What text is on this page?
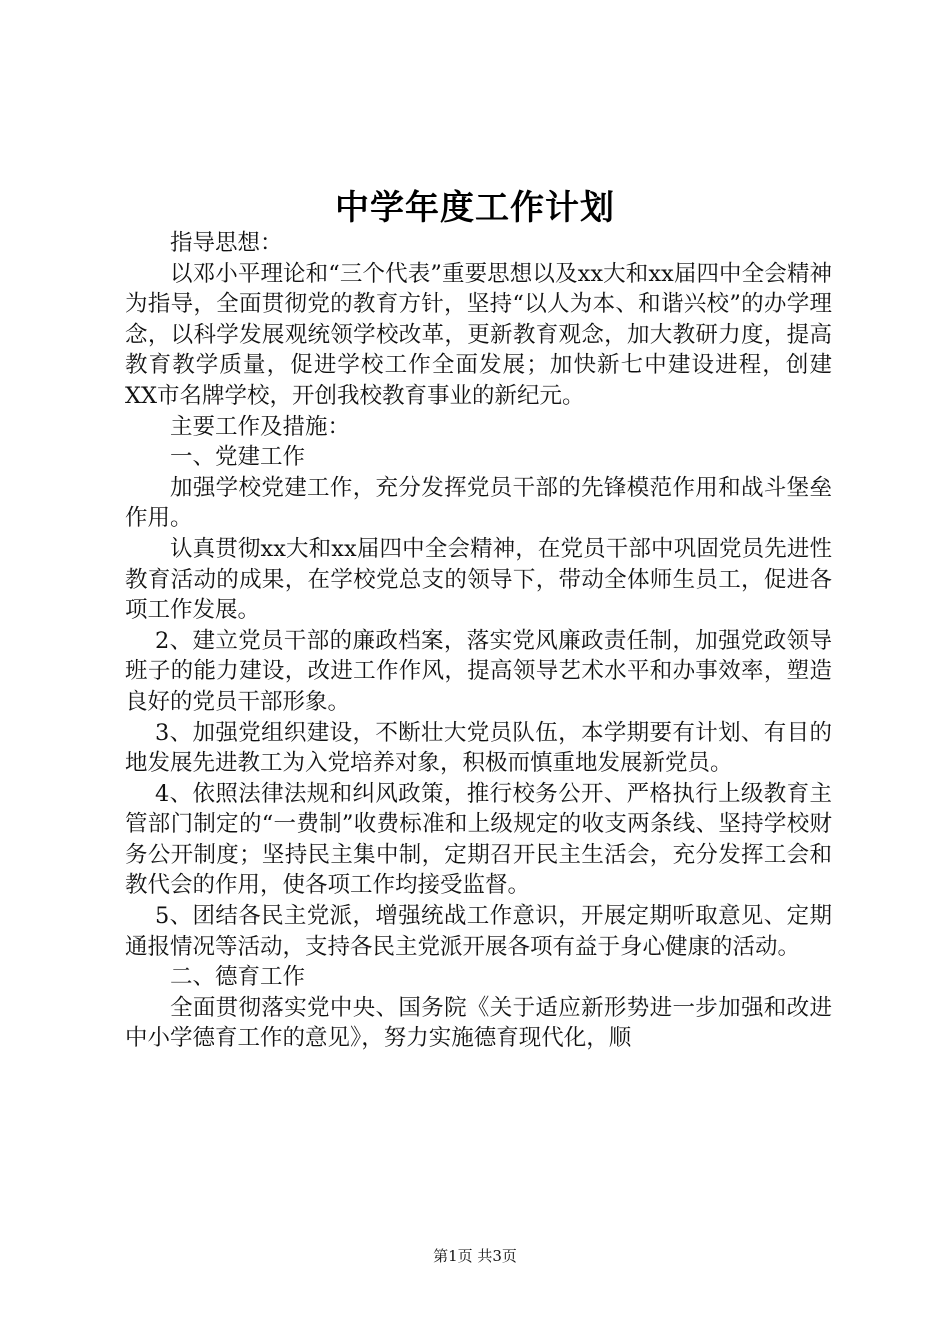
中学年度工作计划

指导思想：

以邓小平理论和“三个代表”重要思想以及xx大和xx届四中全会精神为指导，全面贯彻党的教育方针，坚持“以人为本、和谐兴校”的办学理念，以科学发展观统领学校改革，更新教育观念，加大教研力度，提高教育教学质量，促进学校工作全面发展；加快新七中建设进程，创建XX市名牌学校，开创我校教育事业的新纪元。

主要工作及措施：

一、党建工作

加强学校党建工作，充分发挥党员干部的先锋模范作用和战斗堡垒作用。

认真贯彻xx大和xx届四中全会精神，在党员干部中巩固党员先进性教育活动的成果，在学校党总支的领导下，带动全体师生员工，促进各项工作发展。

2、建立党员干部的廉政档案，落实党风廉政责任制，加强党政领导班子的能力建设，改进工作作风，提高领导艺术水平和办事效率，塑造良好的党员干部形象。

3、加强党组织建设，不断壮大党员队伍，本学期要有计划、有目的地发展先进教工为入党培养对象，积极而慎重地发展新党员。

4、依照法律法规和纠风政策，推行校务公开、严格执行上级教育主管部门制定的“一费制”收费标准和上级规定的收支两条线、坚持学校财务公开制度；坚持民主集中制，定期召开民主生活会，充分发挥工会和教代会的作用，使各项工作均接受监督。

5、团结各民主党派，增强统战工作意识，开展定期听取意见、定期通报情况等活动，支持各民主党派开展各项有益于身心健康的活动。

二、德育工作

全面贯彻落实党中央、国务院《关于适应新形势进一步加强和改进中小学德育工作的意见》，努力实施德育现代化，顺

第1页 共3页
